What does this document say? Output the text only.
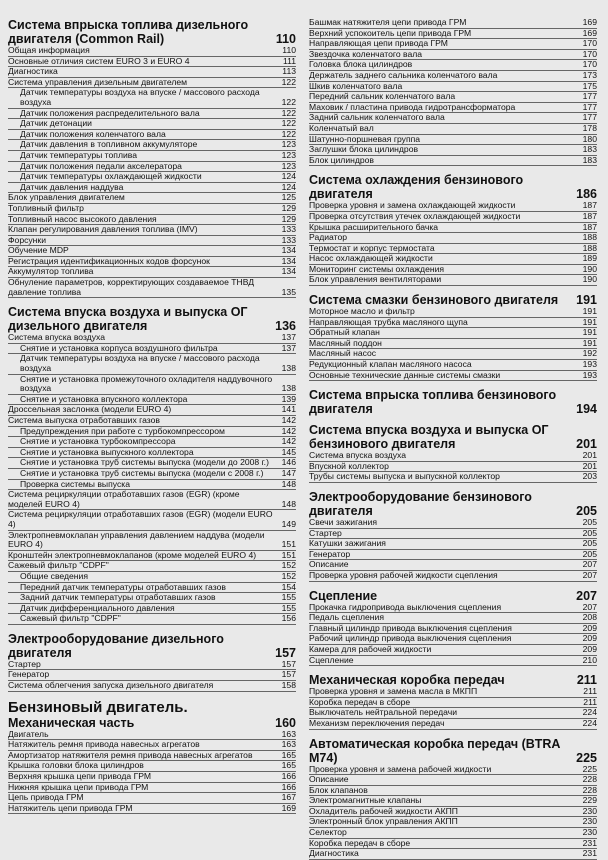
Система впрыска топлива дизельного двигателя (Common Rail)	110
Общая информация	110
Основные отличия систем EURO 3 и EURO 4	111
Диагностика	113
Система управления дизельным двигателем	122
Датчик температуры воздуха на впуске / массового расхода воздуха	122
Датчик положения распределительного вала	122
Датчик детонации	122
Датчик положения коленчатого вала	122
Датчик давления в топливном аккумуляторе	123
Датчик температуры топлива	123
Датчик положения педали акселератора	123
Датчик температуры охлаждающей жидкости	124
Датчик давления наддува	124
Блок управления двигателем	125
Топливный фильтр	129
Топливный насос высокого давления	129
Клапан регулирования давления топлива (IMV)	133
Форсунки	133
Обучение MDP	134
Регистрация идентификационных кодов форсунок	134
Аккумулятор топлива	134
Обнуление параметров, корректирующих создаваемое ТНВД давление топлива	135
Система впуска воздуха и выпуска ОГ дизельного двигателя	136
Система впуска воздуха	137
Снятие и установка корпуса воздушного фильтра	137
Датчик температуры воздуха на впуске / массового расхода воздуха	138
Снятие и установка промежуточного охладителя наддувочного воздуха	138
Снятие и установка впускного коллектора	139
Дроссельная заслонка (модели EURO 4)	141
Система выпуска отработавших газов	142
Предупреждения при работе с турбокомпрессором	142
Снятие и установка турбокомпрессора	142
Снятие и установка выпускного коллектора	145
Снятие и установка труб системы выпуска (модели до 2008 г.) 146
Снятие и установка труб системы выпуска (модели с 2008 г.) 147
Проверка системы выпуска	148
Система рециркуляции отработавших газов (EGR) (кроме моделей EURO 4)	148
Система рециркуляции отработавших газов (EGR) (модели EURO 4)	149
Электропневмоклапан управления давлением наддува (модели EURO 4)	151
Кронштейн электропневмоклапанов (кроме моделей EURO 4)	151
Сажевый фильтр "CDPF"	152
Общие сведения	152
Передний датчик температуры отработавших газов	154
Задний датчик температуры отработавших газов	155
Датчик дифференциального давления	155
Сажевый фильтр "CDPF"	156
Электрооборудование дизельного двигателя	157
Стартер	157
Генератор	157
Система облегчения запуска дизельного двигателя	158
Бензиновый двигатель.
Механическая часть	160
Двигатель	163
Натяжитель ремня привода навесных агрегатов	163
Амортизатор натяжителя ремня привода навесных агрегатов	165
Крышка головки блока цилиндров	165
Верхняя крышка цепи привода ГРМ	166
Нижняя крышка цепи привода ГРМ	166
Цепь привода ГРМ	167
Натяжитель цепи привода ГРМ	169
Башмак натяжителя цепи привода ГРМ	169
Верхний успокоитель цепи привода ГРМ	169
Направляющая цепи привода ГРМ	170
Звездочка коленчатого вала	170
Головка блока цилиндров	170
Держатель заднего сальника коленчатого вала	173
Шкив коленчатого вала	175
Передний сальник коленчатого вала	177
Маховик / пластина привода гидротрансформатора	177
Задний сальник коленчатого вала	177
Коленчатый вал	178
Шатунно-поршневая группа	180
Заглушки блока цилиндров	183
Блок цилиндров	183
Система охлаждения бензинового двигателя	186
Проверка уровня и замена охлаждающей жидкости	187
Проверка отсутствия утечек охлаждающей жидкости	187
Крышка расширительного бачка	187
Радиатор	188
Термостат и корпус термостата	188
Насос охлаждающей жидкости	189
Мониторинг системы охлаждения	190
Блок управления вентиляторами	190
Система смазки бензинового двигателя	191
Моторное масло и фильтр	191
Направляющая трубка масляного щупа	191
Обратный клапан	191
Масляный поддон	191
Масляный насос	192
Редукционный клапан масляного насоса	193
Основные технические данные системы смазки	193
Система впрыска топлива бензинового двигателя	194
Система впуска воздуха и выпуска ОГ бензинового двигателя	201
Система впуска воздуха	201
Впускной коллектор	201
Трубы системы выпуска и выпускной коллектор	203
Электрооборудование бензинового двигателя	205
Свечи зажигания	205
Стартер	205
Катушки зажигания	205
Генератор	205
Описание	207
Проверка уровня рабочей жидкости сцепления	207
Сцепление	207
Прокачка гидропривода выключения сцепления	207
Педаль сцепления	208
Главный цилиндр привода выключения сцепления	209
Рабочий цилиндр привода выключения сцепления	209
Камера для рабочей жидкости	209
Сцепление	210
Механическая коробка передач	211
Проверка уровня и замена масла в МКПП	211
Коробка передач в сборе	211
Выключатель нейтральной передачи	224
Механизм переключения передач	224
Автоматическая коробка передач (BTRA M74)	225
Проверка уровня и замена рабочей жидкости	225
Описание	228
Блок клапанов	228
Электромагнитные клапаны	229
Охладитель рабочей жидкости АКПП	230
Электронный блок управления АКПП	230
Селектор	230
Коробка передач в сборе	231
Диагностика	231
